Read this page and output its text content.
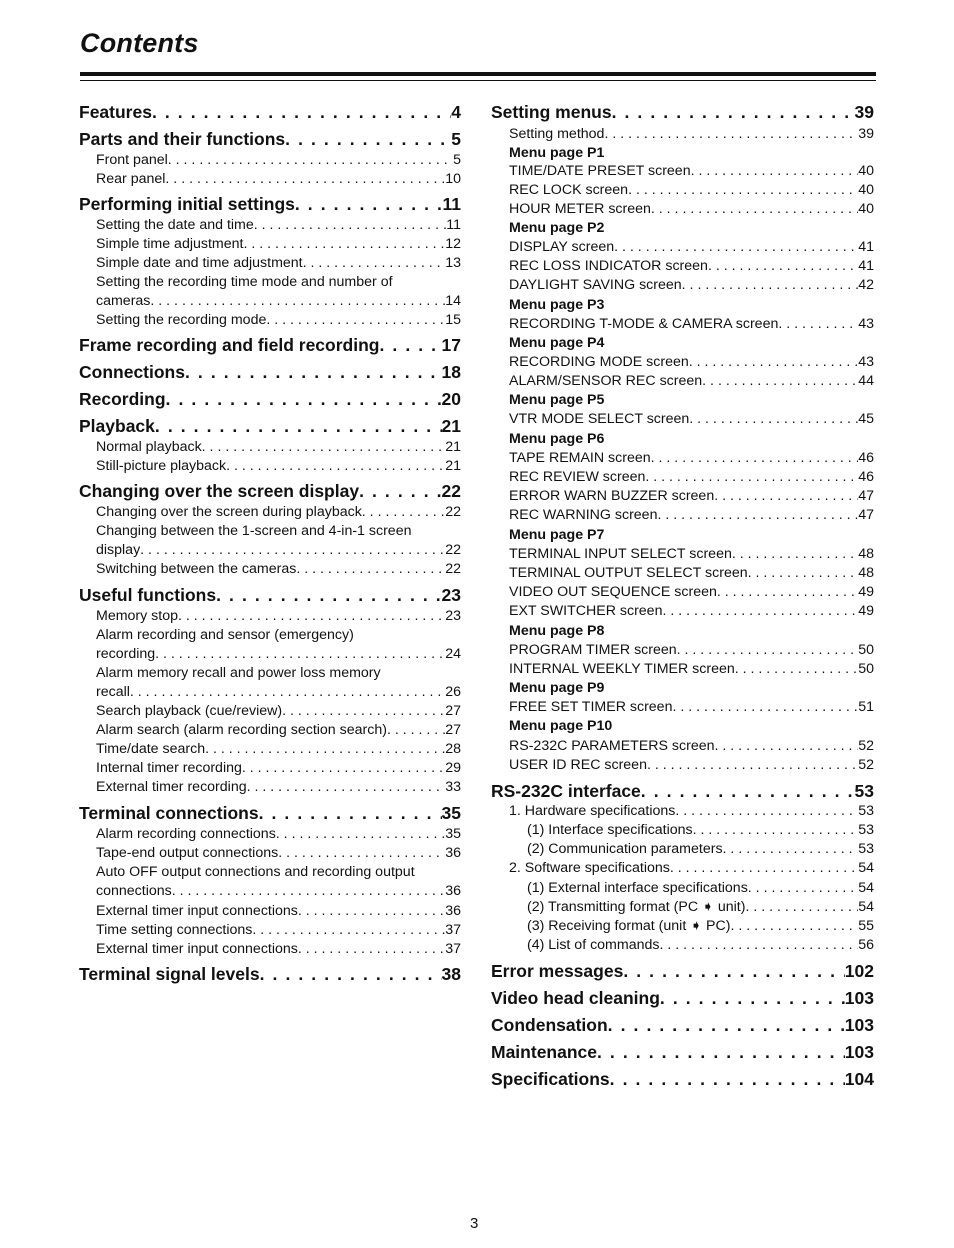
Contents
Features . . .	4
Parts and their functions . . .	5
Front panel . . .	5
Rear panel . . .	10
Performing initial settings . . .	11
Setting the date and time . . .	11
Simple time adjustment . . .	12
Simple date and time adjustment . . .	13
Setting the recording time mode and number of
cameras . . .	14
Setting the recording mode . . .	15
Frame recording and field recording . . .	17
Connections . . .	18
Recording . . .	20
Playback . . .	21
Normal playback . . .	21
Still-picture playback . . .	21
Changing over the screen display . . .	22
Changing over the screen during playback . . .	22
Changing between the 1-screen and 4-in-1 screen
display . . .	22
Switching between the cameras . . .	22
Useful functions . . .	23
Memory stop . . .	23
Alarm recording and sensor (emergency)
recording . . .	24
Alarm memory recall and power loss memory
recall . . .	26
Search playback (cue/review) . . .	27
Alarm search (alarm recording section search) . . .	27
Time/date search . . .	28
Internal timer recording . . .	29
External timer recording . . .	33
Terminal connections . . .	35
Alarm recording connections . . .	35
Tape-end output connections . . .	36
Auto OFF output connections and recording output
connections . . .	36
External timer input connections . . .	36
Time setting connections . . .	37
External timer input connections . . .	37
Terminal signal levels . . .	38
Setting menus . . .	39
Setting method . . .	39
Menu page P1
TIME/DATE PRESET screen . . .	40
REC LOCK screen . . .	40
HOUR METER screen . . .	40
Menu page P2
DISPLAY screen . . .	41
REC LOSS INDICATOR screen . . .	41
DAYLIGHT SAVING screen . . .	42
Menu page P3
RECORDING T-MODE & CAMERA screen . . .	43
Menu page P4
RECORDING MODE screen . . .	43
ALARM/SENSOR REC screen . . .	44
Menu page P5
VTR MODE SELECT screen . . .	45
Menu page P6
TAPE REMAIN screen . . .	46
REC REVIEW screen . . .	46
ERROR WARN BUZZER screen . . .	47
REC WARNING screen . . .	47
Menu page P7
TERMINAL INPUT SELECT screen . . .	48
TERMINAL OUTPUT SELECT screen . . .	48
VIDEO OUT SEQUENCE screen . . .	49
EXT SWITCHER screen . . .	49
Menu page P8
PROGRAM TIMER screen . . .	50
INTERNAL WEEKLY TIMER screen . . .	50
Menu page P9
FREE SET TIMER screen . . .	51
Menu page P10
RS-232C PARAMETERS screen . . .	52
USER ID REC screen . . .	52
RS-232C interface . . .	53
1. Hardware specifications . . .	53
(1) Interface specifications . . .	53
(2) Communication parameters . . .	53
2. Software specifications . . .	54
(1) External interface specifications . . .	54
(2) Transmitting format (PC ➧ unit) . . .	54
(3) Receiving format (unit ➧ PC) . . .	55
(4) List of commands . . .	56
Error messages . . .	102
Video head cleaning . . .	103
Condensation . . .	103
Maintenance . . .	103
Specifications . . .	104
3
